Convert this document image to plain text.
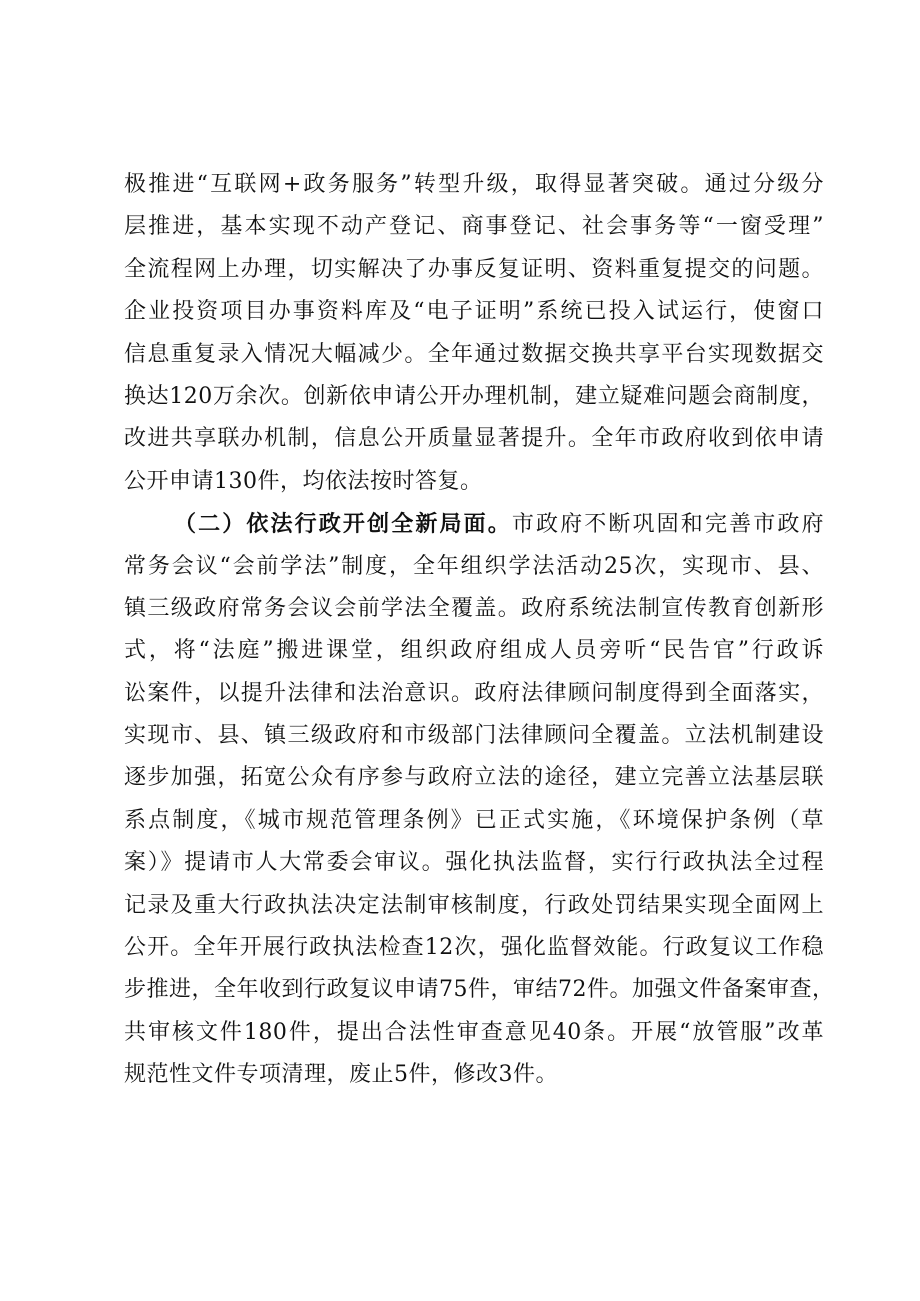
极推进“互联网+政务服务”转型升级，取得显著突破。通过分级分
层推进，基本实现不动产登记、商事登记、社会事务等“一窗受理”
全流程网上办理，切实解决了办事反复证明、资料重复提交的问题。
企业投资项目办事资料库及“电子证明”系统已投入试运行，使窗口
信息重复录入情况大幅减少。全年通过数据交换共享平台实现数据交
换达120万余次。创新依申请公开办理机制，建立疑难问题会商制度，
改进共享联办机制，信息公开质量显著提升。全年市政府收到依申请
公开申请130件，均依法按时答复。
（二）依法行政开创全新局面。市政府不断巩固和完善市政府
常务会议“会前学法”制度，全年组织学法活动25次，实现市、县、
镇三级政府常务会议会前学法全覆盖。政府系统法制宣传教育创新形
式，将“法庭”搬进课堂，组织政府组成人员旁听“民告官”行政诉
讼案件，以提升法律和法治意识。政府法律顾问制度得到全面落实，
实现市、县、镇三级政府和市级部门法律顾问全覆盖。立法机制建设
逐步加强，拓宽公众有序参与政府立法的途径，建立完善立法基层联
系点制度，《城市规范管理条例》已正式实施，《环境保护条例（草
案）》提请市人大常委会审议。强化执法监督，实行行政执法全过程
记录及重大行政执法决定法制审核制度，行政处罚结果实现全面网上
公开。全年开展行政执法检查12次，强化监督效能。行政复议工作稳
步推进，全年收到行政复议申请75件，审结72件。加强文件备案审查，
共审核文件180件，提出合法性审查意见40条。开展“放管服”改革
规范性文件专项清理，废止5件，修改3件。
